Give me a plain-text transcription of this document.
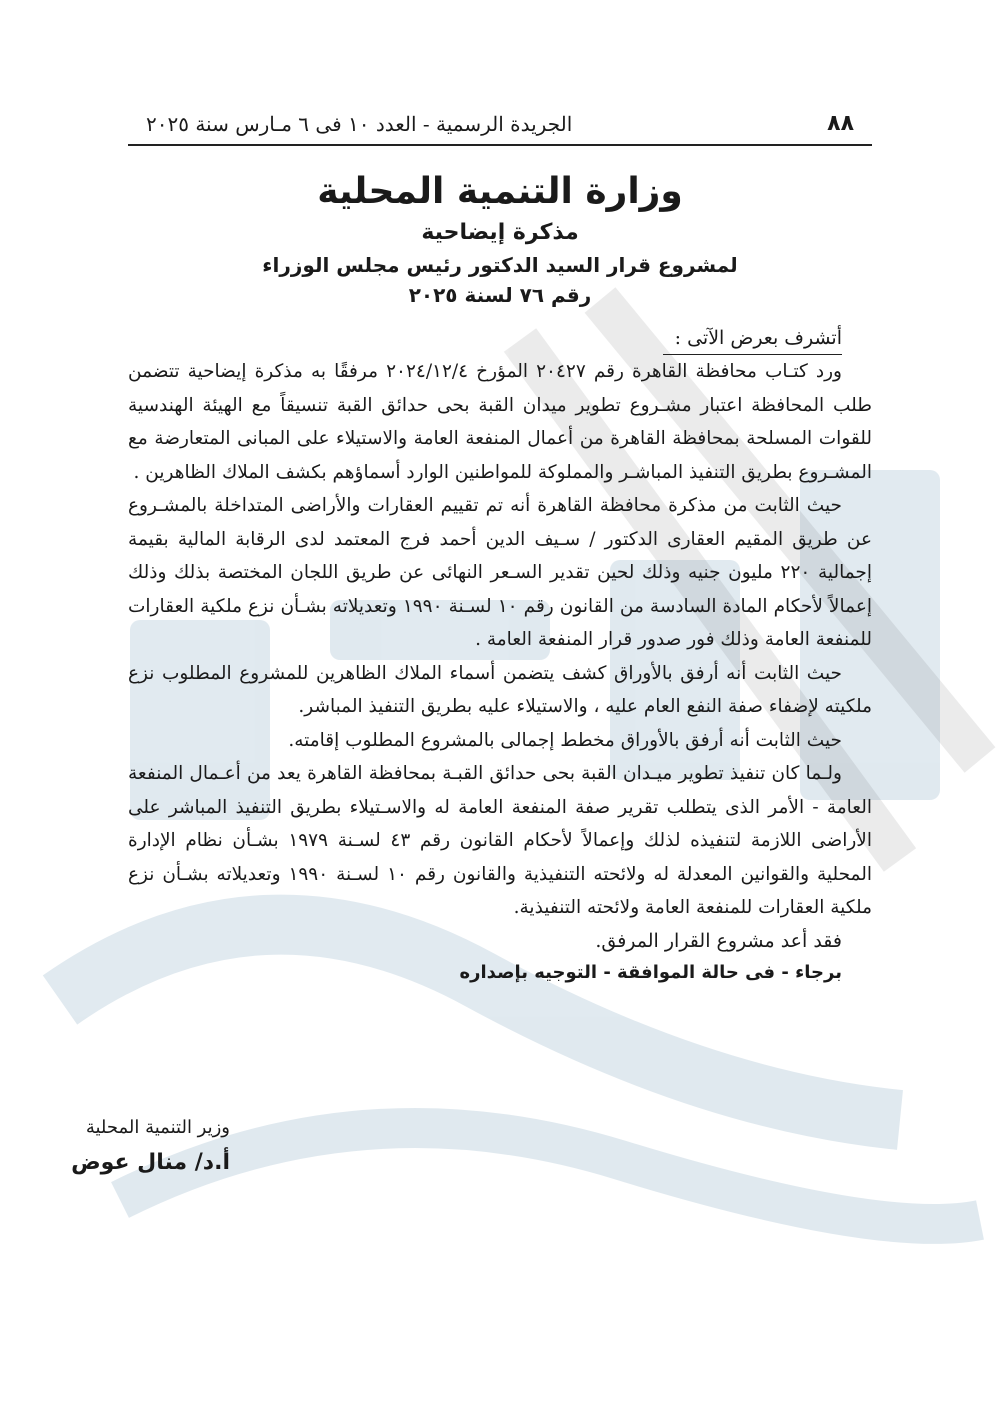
٨٨
الجريدة الرسمية - العدد ١٠ فى ٦ مـارس سنة ٢٠٢٥
وزارة التنمية المحلية
مذكرة إيضاحية
لمشروع قرار السيد الدكتور رئيس مجلس الوزراء
رقم ٧٦ لسنة ٢٠٢٥
أتشرف بعرض الآتى :

ورد كتـاب محافظة القاهرة رقم ٢٠٤٢٧ المؤرخ ٢٠٢٤/١٢/٤ مرفقًا به مذكرة إيضاحية تتضمن طلب المحافظة اعتبار مشـروع تطوير ميدان القبة بحى حدائق القبة تنسيقاً مع الهيئة الهندسية للقوات المسلحة بمحافظة القاهرة من أعمال المنفعة العامة والاستيلاء على المبانى المتعارضة مع المشـروع بطريق التنفيذ المباشـر والمملوكة للمواطنين الوارد أسماؤهم بكشف الملاك الظاهرين .

حيث الثابت من مذكرة محافظة القاهرة أنه تم تقييم العقارات والأراضى المتداخلة بالمشـروع عن طريق المقيم العقارى الدكتور / سـيف الدين أحمد فرج المعتمد لدى الرقابة المالية بقيمة إجمالية ٢٢٠ مليون جنيه وذلك لحين تقدير السـعر النهائى عن طريق اللجان المختصة بذلك وذلك إعمالاً لأحكام المادة السادسة من القانون رقم ١٠ لسـنة ١٩٩٠ وتعديلاته بشـأن نزع ملكية العقارات للمنفعة العامة وذلك فور صدور قرار المنفعة العامة .

حيث الثابت أنه أرفق بالأوراق كشف يتضمن أسماء الملاك الظاهرين للمشروع المطلوب نزع ملكيته لإضفاء صفة النفع العام عليه ، والاستيلاء عليه بطريق التنفيذ المباشر.

حيث الثابت أنه أرفق بالأوراق مخطط إجمالى بالمشروع المطلوب إقامته.

ولـما كان تنفيذ تطوير ميـدان القبة بحى حدائق القبـة بمحافظة القاهرة يعد من أعـمال المنفعة العامة - الأمر الذى يتطلب تقرير صفة المنفعة العامة له والاسـتيلاء بطريق التنفيذ المباشر على الأراضى اللازمة لتنفيذه لذلك وإعمالاً لأحكام القانون رقم ٤٣ لسـنة ١٩٧٩ بشـأن نظام الإدارة المحلية والقوانين المعدلة له ولائحته التنفيذية والقانون رقم ١٠ لسـنة ١٩٩٠ وتعديلاته بشـأن نزع ملكية العقارات للمنفعة العامة ولائحته التنفيذية.

فقد أعد مشروع القرار المرفق.
برجاء - فى حالة الموافقة - التوجيه بإصداره
وزير التنمية المحلية
أ.د/ منال عوض
